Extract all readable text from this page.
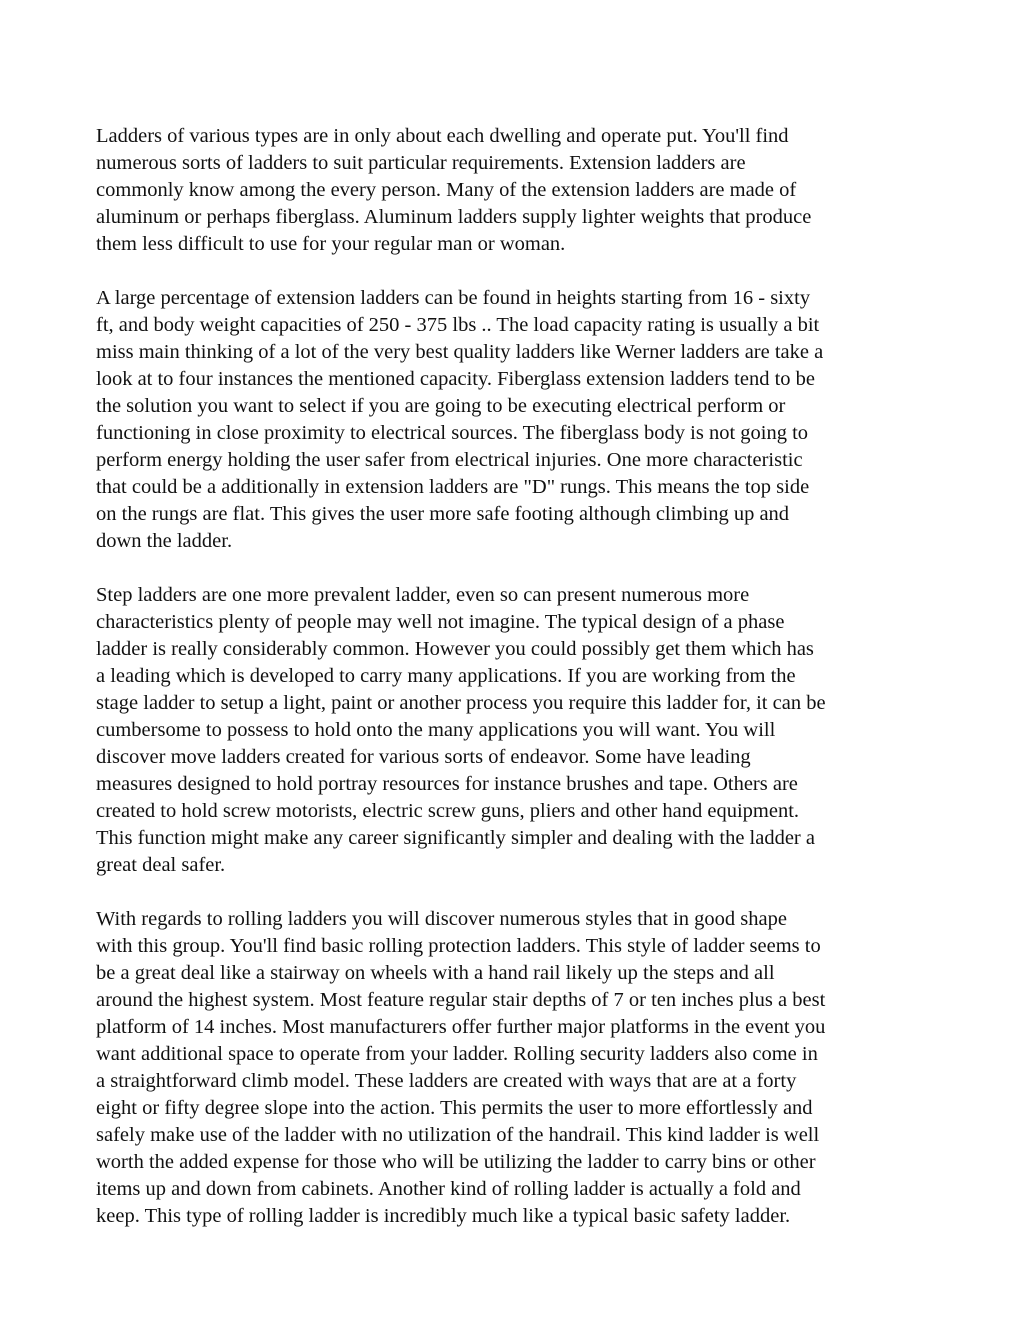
Ladders of various types are in only about each dwelling and operate put. You'll find
numerous sorts of ladders to suit particular requirements. Extension ladders are
commonly know among the every person. Many of the extension ladders are made of
aluminum or perhaps fiberglass. Aluminum ladders supply lighter weights that produce
them less difficult to use for your regular man or woman.

A large percentage of extension ladders can be found in heights starting from 16 - sixty
ft, and body weight capacities of 250 - 375 lbs .. The load capacity rating is usually a bit
miss main thinking of a lot of the very best quality ladders like Werner ladders are take a
look at to four instances the mentioned capacity. Fiberglass extension ladders tend to be
the solution you want to select if you are going to be executing electrical perform or
functioning in close proximity to electrical sources. The fiberglass body is not going to
perform energy holding the user safer from electrical injuries. One more characteristic
that could be a additionally in extension ladders are "D" rungs. This means the top side
on the rungs are flat. This gives the user more safe footing although climbing up and
down the ladder.

Step ladders are one more prevalent ladder, even so can present numerous more
characteristics plenty of people may well not imagine. The typical design of a phase
ladder is really considerably common. However you could possibly get them which has
a leading which is developed to carry many applications. If you are working from the
stage ladder to setup a light, paint or another process you require this ladder for, it can be
cumbersome to possess to hold onto the many applications you will want. You will
discover move ladders created for various sorts of endeavor. Some have leading
measures designed to hold portray resources for instance brushes and tape. Others are
created to hold screw motorists, electric screw guns, pliers and other hand equipment.
This function might make any career significantly simpler and dealing with the ladder a
great deal safer.

With regards to rolling ladders you will discover numerous styles that in good shape
with this group. You'll find basic rolling protection ladders. This style of ladder seems to
be a great deal like a stairway on wheels with a hand rail likely up the steps and all
around the highest system. Most feature regular stair depths of 7 or ten inches plus a best
platform of 14 inches. Most manufacturers offer further major platforms in the event you
want additional space to operate from your ladder. Rolling security ladders also come in
a straightforward climb model. These ladders are created with ways that are at a forty
eight or fifty degree slope into the action. This permits the user to more effortlessly and
safely make use of the ladder with no utilization of the handrail. This kind ladder is well
worth the added expense for those who will be utilizing the ladder to carry bins or other
items up and down from cabinets. Another kind of rolling ladder is actually a fold and
keep. This type of rolling ladder is incredibly much like a typical basic safety ladder.
